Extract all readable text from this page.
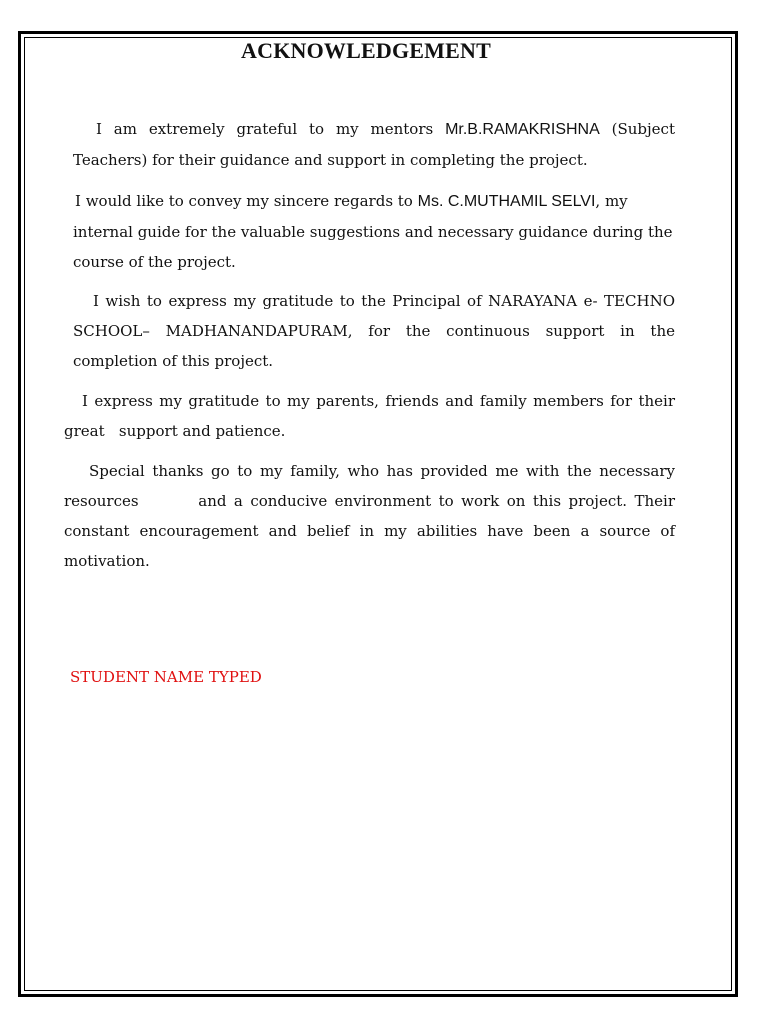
ACKNOWLEDGEMENT

I am extremely grateful to my mentors Mr.B.RAMAKRISHNA (Subject
Teachers) for their guidance and support in completing the project.

I would like to convey my sincere regards to Ms. C.MUTHAMIL SELVI, my
internal guide for the valuable suggestions and necessary guidance during the
course of the project.

I wish to express my gratitude to the Principal of NARAYANA e- TECHNO
SCHOOL– MADHANANDAPURAM, for the continuous support in the
completion of this project.

I express my gratitude to my parents, friends and family members for their
great   support and patience.

Special thanks go to my family, who has provided me with the necessary
resources        and a conducive environment to work on this project. Their
constant encouragement and belief in my abilities have been a source of
motivation.

STUDENT NAME TYPED
